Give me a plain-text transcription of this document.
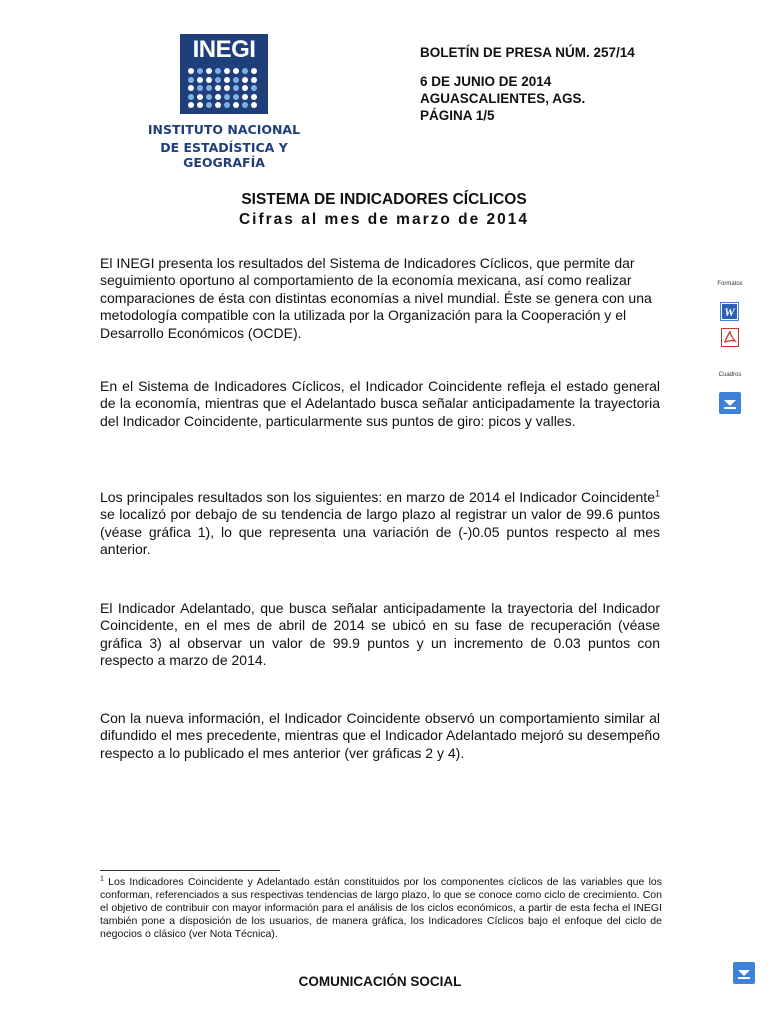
INEGI
INSTITUTO NACIONAL
DE ESTADÍSTICA Y GEOGRAFÍA
BOLETÍN DE PRESA NÚM. 257/14
6 DE JUNIO DE 2014
AGUASCALIENTES, AGS.
PÁGINA 1/5
SISTEMA DE INDICADORES CÍCLICOS
Cifras al mes de marzo de 2014
El INEGI presenta los resultados del Sistema de Indicadores Cíclicos, que permite dar seguimiento oportuno al comportamiento de la economía mexicana, así como realizar comparaciones de ésta con distintas economías a nivel mundial. Éste se genera con una metodología compatible con la utilizada por la Organización para la Cooperación y el Desarrollo Económicos (OCDE).
En el Sistema de Indicadores Cíclicos, el Indicador Coincidente refleja el estado general de la economía, mientras que el Adelantado busca señalar anticipadamente la trayectoria del Indicador Coincidente, particularmente sus puntos de giro: picos y valles.
Los principales resultados son los siguientes: en marzo de 2014 el Indicador Coincidente$^1$ se localizó por debajo de su tendencia de largo plazo al registrar un valor de 99.6 puntos (véase gráfica 1), lo que representa una variación de (-)0.05 puntos respecto al mes anterior.
El Indicador Adelantado, que busca señalar anticipadamente la trayectoria del Indicador Coincidente, en el mes de abril de 2014 se ubicó en su fase de recuperación (véase gráfica 3) al observar un valor de 99.9 puntos y un incremento de 0.03 puntos con respecto a marzo de 2014.
Con la nueva información, el Indicador Coincidente observó un comportamiento similar al difundido el mes precedente, mientras que el Indicador Adelantado mejoró su desempeño respecto a lo publicado el mes anterior (ver gráficas 2 y 4).
$^1$ Los Indicadores Coincidente y Adelantado están constituidos por los componentes cíclicos de las variables que los conforman, referenciados a sus respectivas tendencias de largo plazo, lo que se conoce como ciclo de crecimiento. Con el objetivo de contribuir con mayor información para el análisis de los ciclos económicos, a partir de esta fecha el INEGI también pone a disposición de los usuarios, de manera gráfica, los Indicadores Cíclicos bajo el enfoque del ciclo de negocios o clásico (ver Nota Técnica).
COMUNICACIÓN SOCIAL
Formatos
W
Cuadros
